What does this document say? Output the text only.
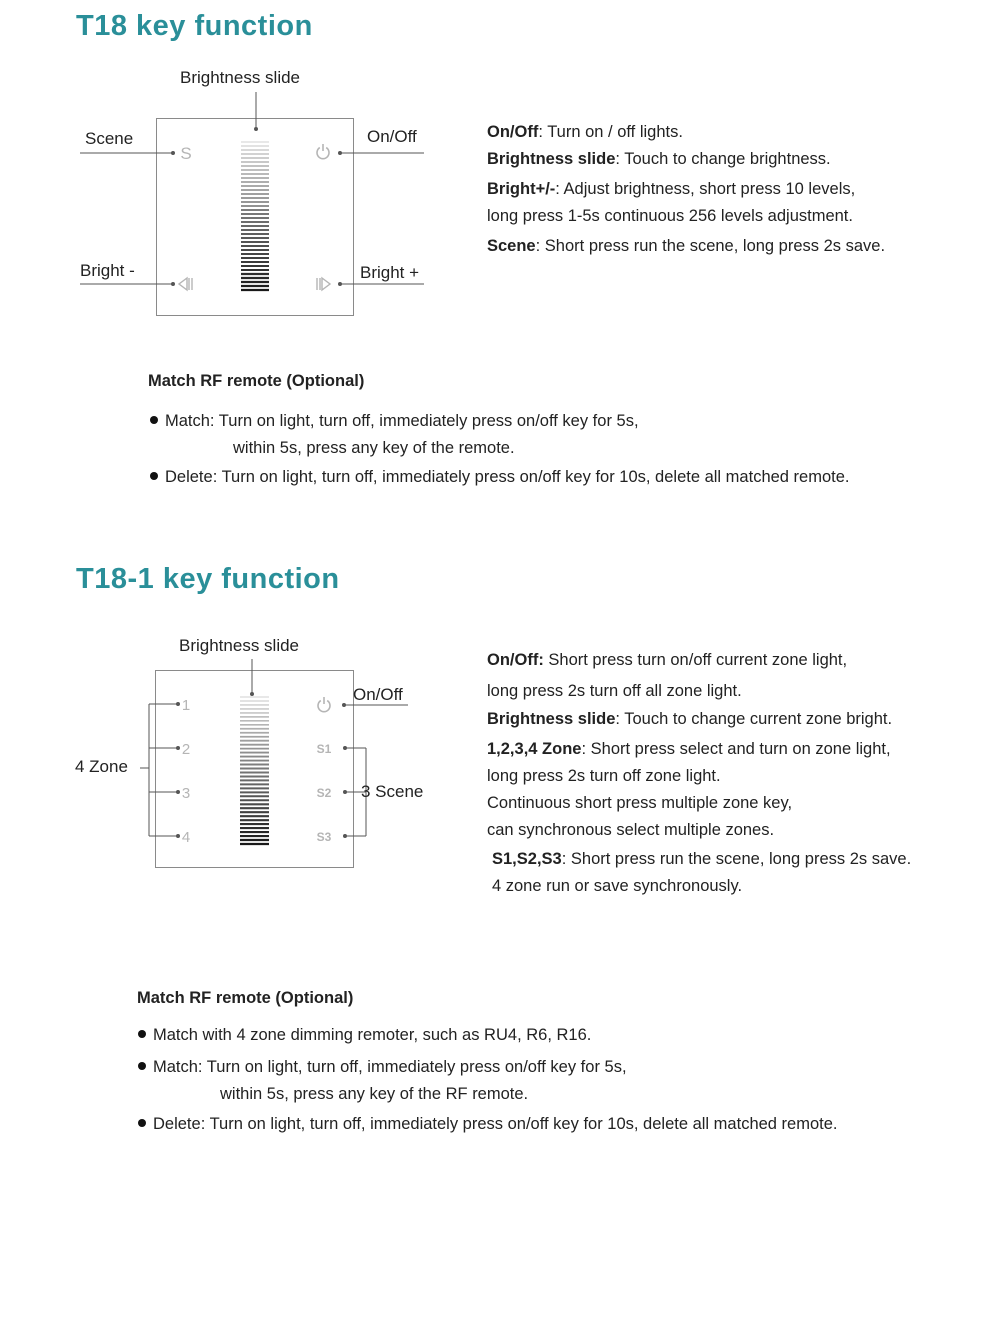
T18 key function
S
Brightness slide
Scene	On/Off
Bright -	Bright +
On/Off: Turn on / off lights.
Brightness slide: Touch to change brightness.
Bright+/-: Adjust brightness, short press 10 levels,
long press 1-5s continuous 256 levels adjustment.
Scene: Short press run the scene, long press 2s save.
Match RF remote (Optional)
Match: Turn on light, turn off, immediately press on/off key for 5s,
within 5s, press any key of the remote.
Delete: Turn on light, turn off, immediately press on/off key for 10s, delete all matched remote.
T18-1 key function
1
2
3
4
S1
S2
S3
Brightness slide
On/Off
4 Zone
3 Scene
On/Off: Short press turn on/off current zone light,
long press 2s turn off all zone light.
Brightness slide: Touch to change current zone bright.
1,2,3,4 Zone: Short press select and turn on zone light,
long press 2s turn off zone light.
Continuous short press multiple zone key,
can synchronous select multiple zones.
S1,S2,S3: Short press run the scene, long press 2s save.
4 zone run or save synchronously.
Match RF remote (Optional)
Match with 4 zone dimming remoter, such as RU4, R6, R16.
Match: Turn on light, turn off, immediately press on/off key for 5s,
within 5s, press any key of the RF remote.
Delete: Turn on light, turn off, immediately press on/off key for 10s, delete all matched remote.
